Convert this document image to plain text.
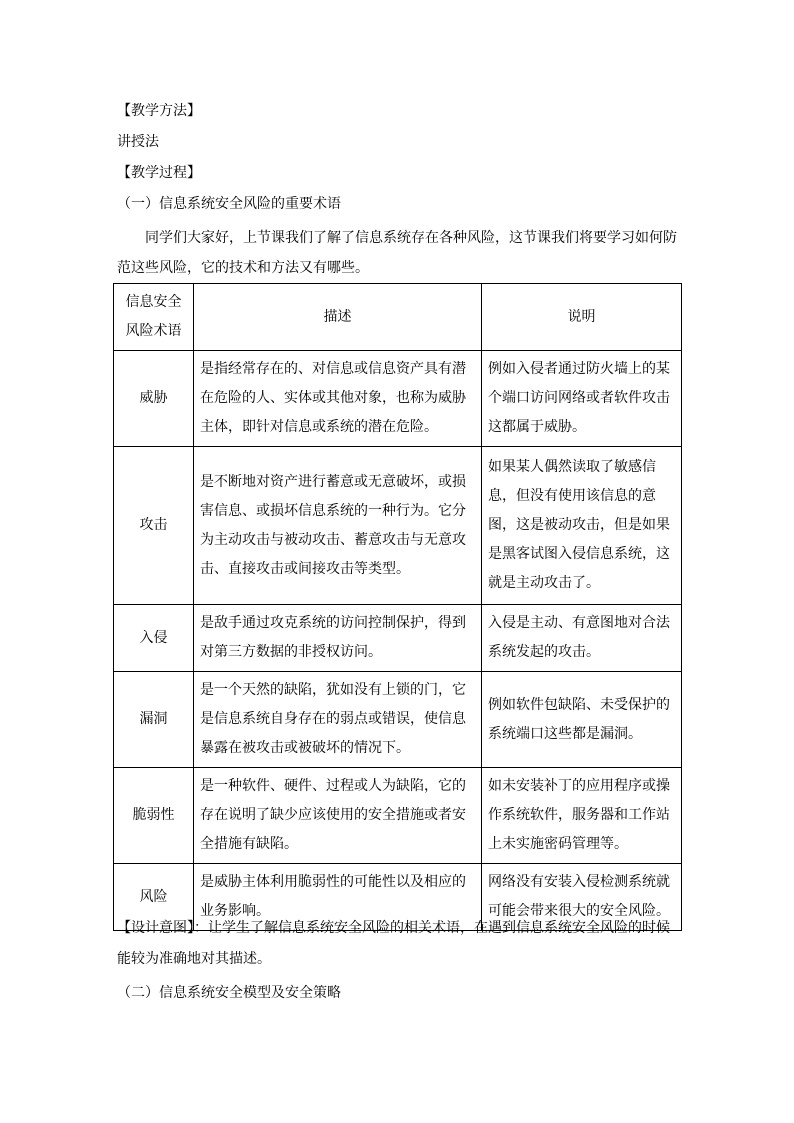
【教学方法】
讲授法
【教学过程】
（一）信息系统安全风险的重要术语
同学们大家好，上节课我们了解了信息系统存在各种风险，这节课我们将要学习如何防
范这些风险，它的技术和方法又有哪些。
信息安全风险术语	描述	说明
威胁	是指经常存在的、对信息或信息资产具有潜在危险的人、实体或其他对象，也称为威胁主体，即针对信息或系统的潜在危险。	例如入侵者通过防火墙上的某个端口访问网络或者软件攻击这都属于威胁。
攻击	是不断地对资产进行蓄意或无意破坏，或损害信息、或损坏信息系统的一种行为。它分为主动攻击与被动攻击、蓄意攻击与无意攻击、直接攻击或间接攻击等类型。	如果某人偶然读取了敏感信息，但没有使用该信息的意图，这是被动攻击，但是如果是黑客试图入侵信息系统，这就是主动攻击了。
入侵	是敌手通过攻克系统的访问控制保护，得到对第三方数据的非授权访问。	入侵是主动、有意图地对合法系统发起的攻击。
漏洞	是一个天然的缺陷，犹如没有上锁的门，它是信息系统自身存在的弱点或错误，使信息暴露在被攻击或被破坏的情况下。	例如软件包缺陷、未受保护的系统端口这些都是漏洞。
脆弱性	是一种软件、硬件、过程或人为缺陷，它的存在说明了缺少应该使用的安全措施或者安全措施有缺陷。	如未安装补丁的应用程序或操作系统软件，服务器和工作站上未实施密码管理等。
风险	是威胁主体利用脆弱性的可能性以及相应的业务影响。	网络没有安装入侵检测系统就可能会带来很大的安全风险。
【设计意图】：让学生了解信息系统安全风险的相关术语，在遇到信息系统安全风险的时候
能较为准确地对其描述。
（二）信息系统安全模型及安全策略
